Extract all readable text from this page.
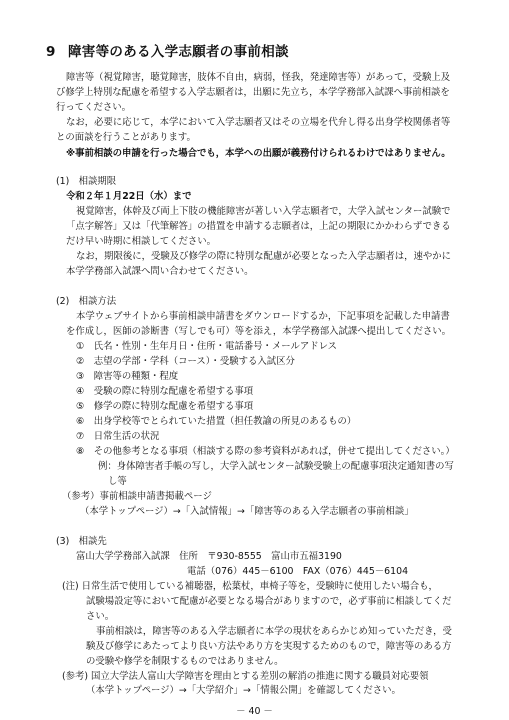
9 障害等のある入学志願者の事前相談
障害等（視覚障害，聴覚障害，肢体不自由，病弱，怪我，発達障害等）があって，受験上及
び修学上特別な配慮を希望する入学志願者は，出願に先立ち，本学学務部入試課へ事前相談を
行ってください。
なお，必要に応じて，本学において入学志願者又はその立場を代弁し得る出身学校関係者等
との面談を行うことがあります。
※事前相談の申請を行った場合でも，本学への出願が義務付けられるわけではありません。
(1)　相談期限
令和２年１月22日（水）まで
視覚障害，体幹及び両上下肢の機能障害が著しい入学志願者で，大学入試センター試験で
「点字解答」又は「代筆解答」の措置を申請する志願者は，上記の期限にかかわらずできる
だけ早い時期に相談してください。
なお，期限後に，受験及び修学の際に特別な配慮が必要となった入学志願者は，速やかに
本学学務部入試課へ問い合わせてください。
(2)　相談方法
本学ウェブサイトから事前相談申請書をダウンロードするか，下記事項を記載した申請書
を作成し，医師の診断書（写しでも可）等を添え，本学学務部入試課へ提出してください。
①　氏名・性別・生年月日・住所・電話番号・メールアドレス
②　志望の学部・学科（コース）・受験する入試区分
③　障害等の種類・程度
④　受験の際に特別な配慮を希望する事項
⑤　修学の際に特別な配慮を希望する事項
⑥　出身学校等でとられていた措置（担任教諭の所見のあるもの）
⑦　日常生活の状況
⑧　その他参考となる事項（相談する際の参考資料があれば，併せて提出してください。）
例：身体障害者手帳の写し，大学入試センター試験受験上の配慮事項決定通知書の写
し等
（参考）事前相談申請書掲載ページ
（本学トップページ）→「入試情報」→「障害等のある入学志願者の事前相談」
(3)　相談先
富山大学学務部入試課　住所　〒930-8555　富山市五福3190
電話（076）445－6100　FAX（076）445－6104
(注) 日常生活で使用している補聴器，松葉杖，車椅子等を，受験時に使用したい場合も，
試験場設定等において配慮が必要となる場合がありますので，必ず事前に相談してくだ
さい。
事前相談は，障害等のある入学志願者に本学の現状をあらかじめ知っていただき，受
験及び修学にあたってより良い方法やあり方を実現するためのもので，障害等のある方
の受験や修学を制限するものではありません。
(参考) 国立大学法人富山大学障害を理由とする差別の解消の推進に関する職員対応要領
－ 40 －
（本学トップページ）→「大学紹介」→「情報公開」を確認してください。
